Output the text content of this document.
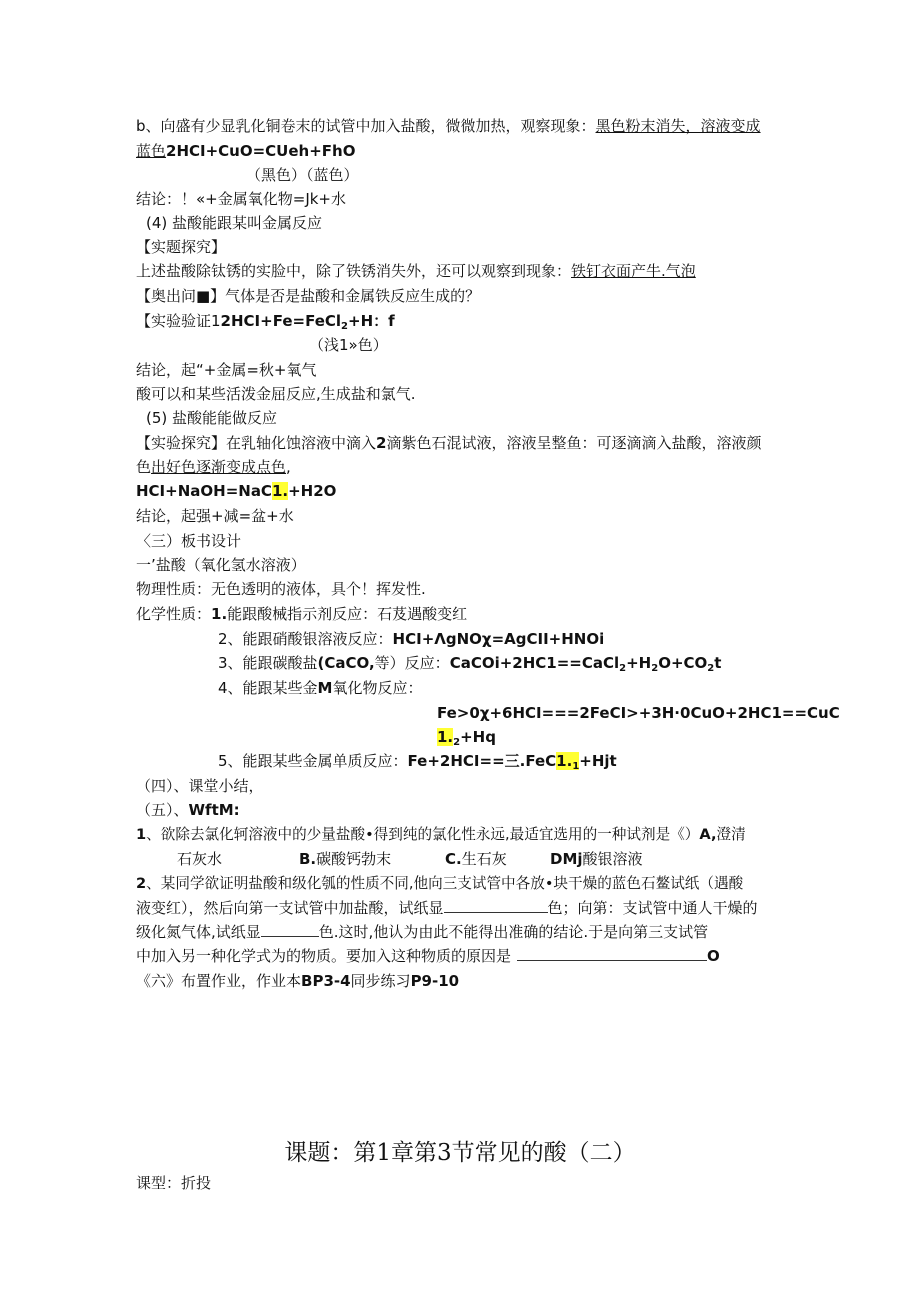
b、向盛有少显乳化铜卷末的试管中加入盐酸，微微加热，观察现象：黑色粉末消失，溶液变成
蓝色2HCI+CuO=CUeh+FhO
（黑色）（蓝色）
结论：！«+金属氧化物=Jk+水
(4) 盐酸能跟某叫金属反应
【实题探究】
上述盐酸除钛锈的实脸中，除了铁锈消失外，还可以观察到现象：铁钉衣面产牛.气泡
【奥出问■】气体是否是盐酸和金属铁反应生成的？
【实验验证12HCI+Fe=FeCl$_2$+H：f
（浅1»色）
结论，起“+金属=秋+氧气
酸可以和某些活泼金屈反应,生成盐和氯气.
(5) 盐酸能能做反应
【实验探究】在乳轴化蚀溶液中滴入2滴紫色石混试液，溶液呈整鱼：可逐滴滴入盐酸，溶液颜
色出好色逐渐变成点色,
HCI+NaOH=NaC1.+H2O
结论，起强+减=盆+水
〈三）板书设计
一’盐酸（氧化氢水溶液）
物理性质：无色透明的液体，具个！挥发性.
化学性质：1.能跟酸械指示剂反应：石芨遇酸变红
2、能跟硝酸银溶液反应：HCI+ΛgNOχ=AgCII+HNOi
3、能跟碳酸盐(CaCO,等）反应：$CaCOi+2HC1==CaCl_2+H_2O+CO_2t$
4、能跟某些金M氧化物反应：
Fe>0χ+6HCI===2FeCI>+3H·0CuO+2HC1==CuC
$1._2+Hq$
5、能跟某些金属单质反应：Fe+2HCI==三$.FeC1._1+Hjt$
（四）、课堂小结，
（五）、WftM:
1、欲除去氯化轲溶液中的少量盐酸•得到纯的氯化性永远,最适宜选用的一种试剂是《）A,澄清
石灰水	B.碳酸钙勃末	C.生石灰	DMj酸银溶液
2、某同学欲证明盐酸和级化瓠的性质不同,他向三支试管中各放•块干燥的蓝色石鳌试纸（遇酸
液变红），然后向第一支试管中加盐酸，试纸显	色；向第：支试管中通人干燥的
级化氮气体,试纸显	色.这时,他认为由此不能得出准确的结论.于是向第三支试管
中加入另一种化学式为的物质。要加入这种物质的原因是	O
《六》布置作业，作业本BP3-4同步练习P9-10
课题：第1章第3节常见的酸（二）
课型：折投
